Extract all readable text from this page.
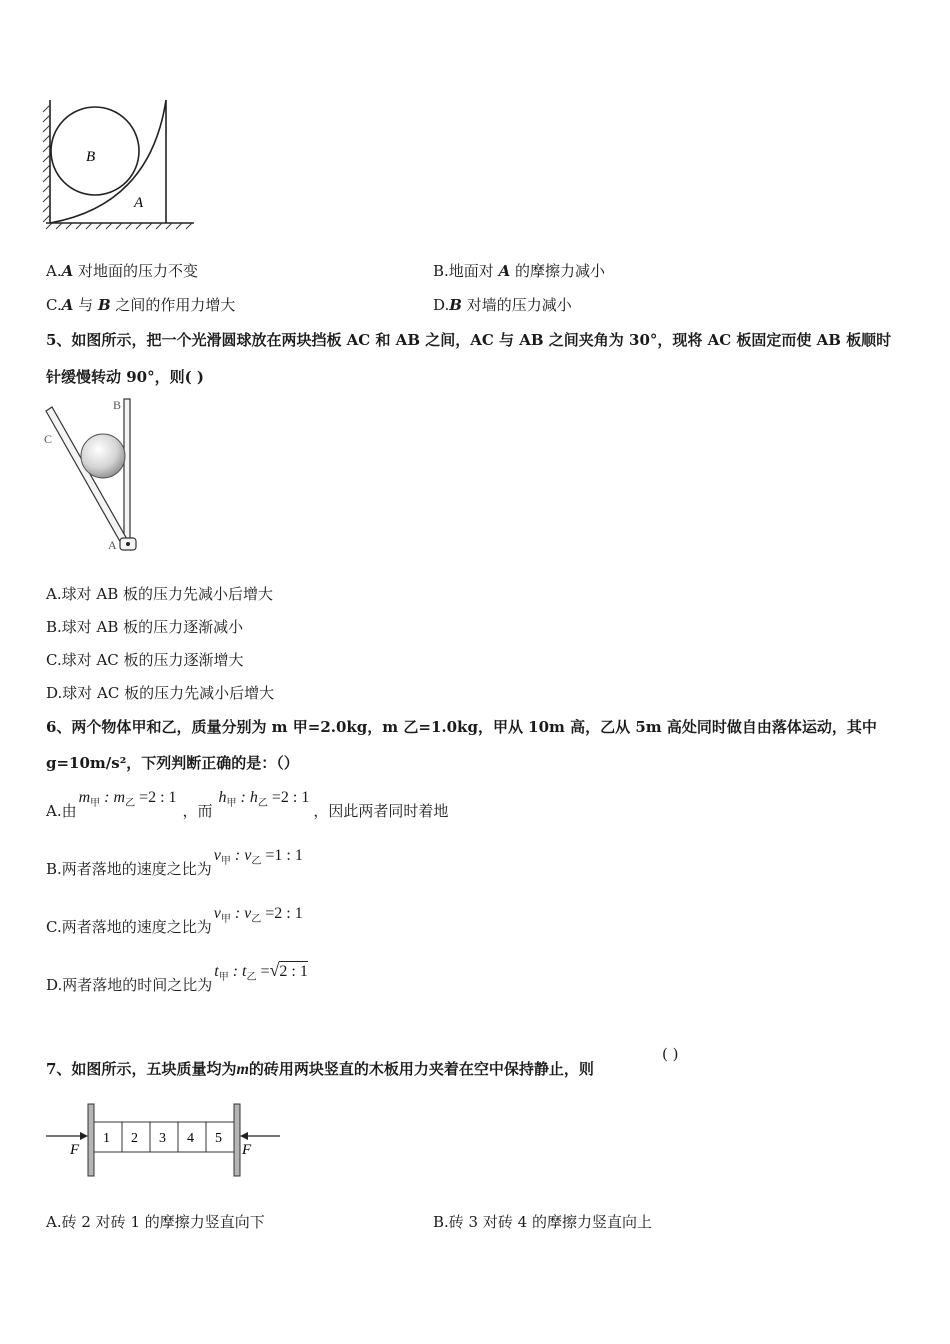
B
A
A.A 对地面的压力不变	B.地面对 A 的摩擦力减小
C.A 与 B 之间的作用力增大	D.B 对墙的压力减小
5、如图所示，把一个光滑圆球放在两块挡板 AC 和 AB 之间，AC 与 AB 之间夹角为 30°，现将 AC 板固定而使 AB 板顺时
针缓慢转动 90°，则( )
B
C
A
A.球对 AB 板的压力先减小后增大
B.球对 AB 板的压力逐渐减小
C.球对 AC 板的压力逐渐增大
D.球对 AC 板的压力先减小后增大
6、两个物体甲和乙，质量分别为 m 甲=2.0kg，m 乙=1.0kg，甲从 10m 高，乙从 5m 高处同时做自由落体运动，其中
g=10m/s²，下列判断正确的是：（）
A.由$m_甲$ : $m_乙 =2$ : 1，而$h_甲$ : $h_乙 =2$ : 1，因此两者同时着地
B.两者落地的速度之比为$v_甲$ : $v_乙 =1$ : 1
C.两者落地的速度之比为$v_甲$ : $v_乙 =2$ : 1
D.两者落地的时间之比为$t_甲$ : $t_乙 =√2$ : 1
7、如图所示，五块质量均为m的砖用两块竖直的木板用力夹着在空中保持静止，则
( )
1 2 3 4 5
F	F
A.砖 2 对砖 1 的摩擦力竖直向下	B.砖 3 对砖 4 的摩擦力竖直向上
